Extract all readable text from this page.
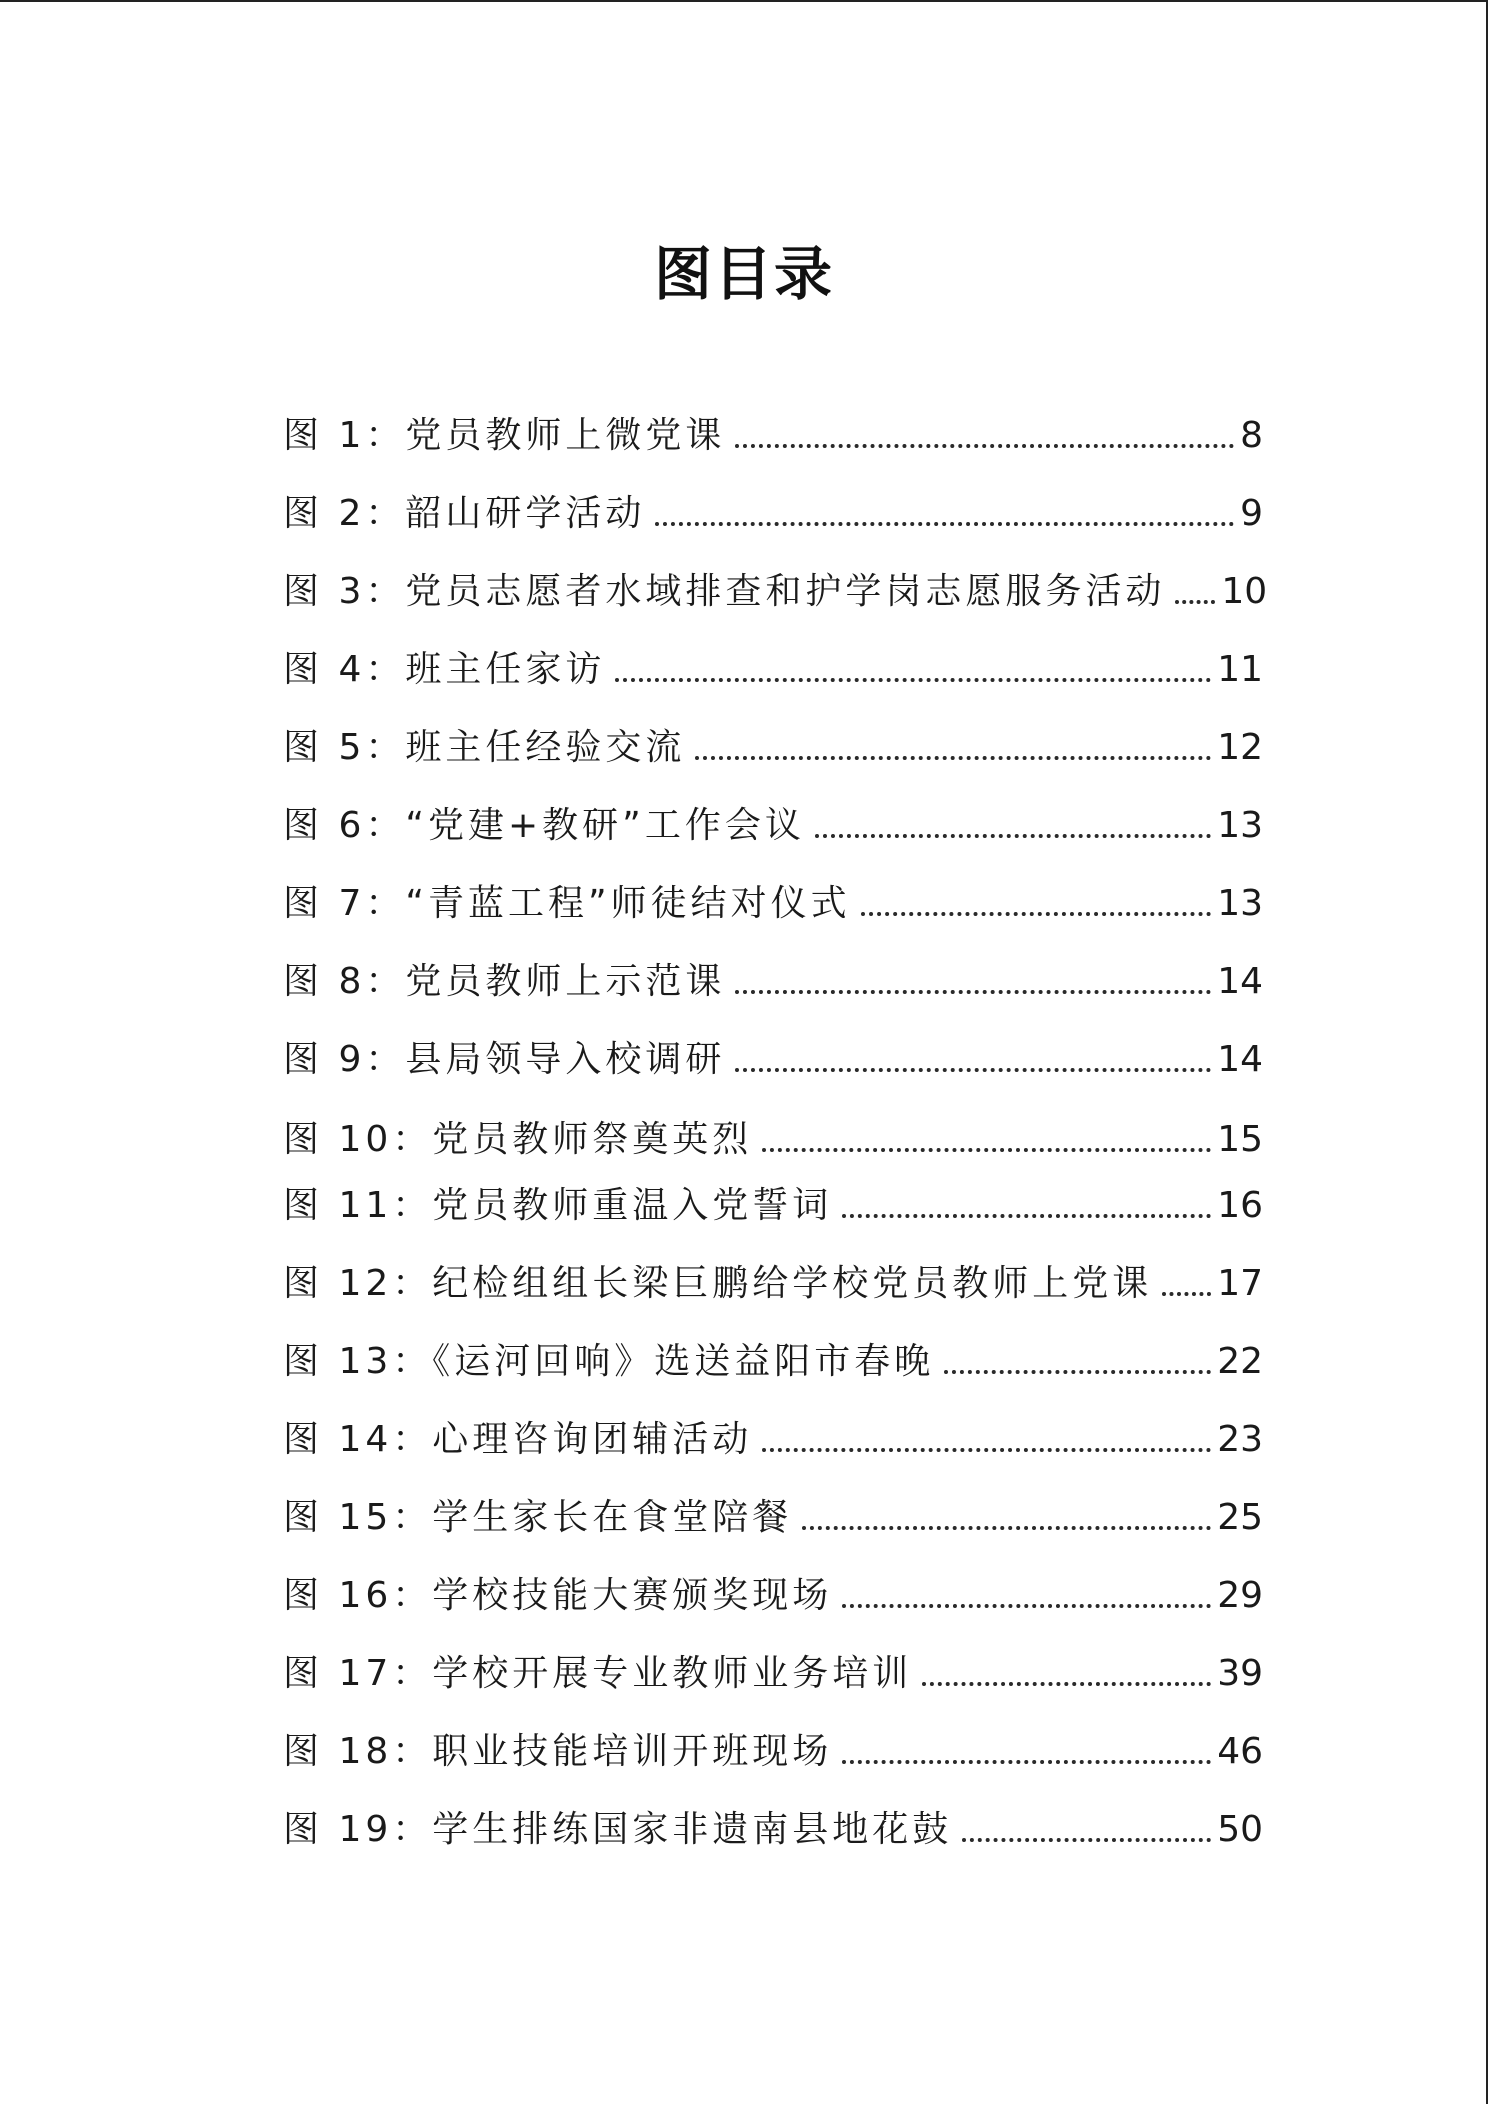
图目录
图 1：党员教师上微党课	8
图 2：韶山研学活动	9
图 3：党员志愿者水域排查和护学岗志愿服务活动 10
图 4：班主任家访	11
图 5：班主任经验交流	12
图 6：“党建+教研”工作会议	13
图 7：“青蓝工程”师徒结对仪式	13
图 8：党员教师上示范课	14
图 9：县局领导入校调研	14
图 10：党员教师祭奠英烈	15
图 11：党员教师重温入党誓词	16
图 12：纪检组组长梁巨鹏给学校党员教师上党课 17
图 13：《运河回响》选送益阳市春晚	22
图 14：心理咨询团辅活动	23
图 15：学生家长在食堂陪餐	25
图 16：学校技能大赛颁奖现场	29
图 17：学校开展专业教师业务培训	39
图 18：职业技能培训开班现场	46
图 19：学生排练国家非遗南县地花鼓	50
